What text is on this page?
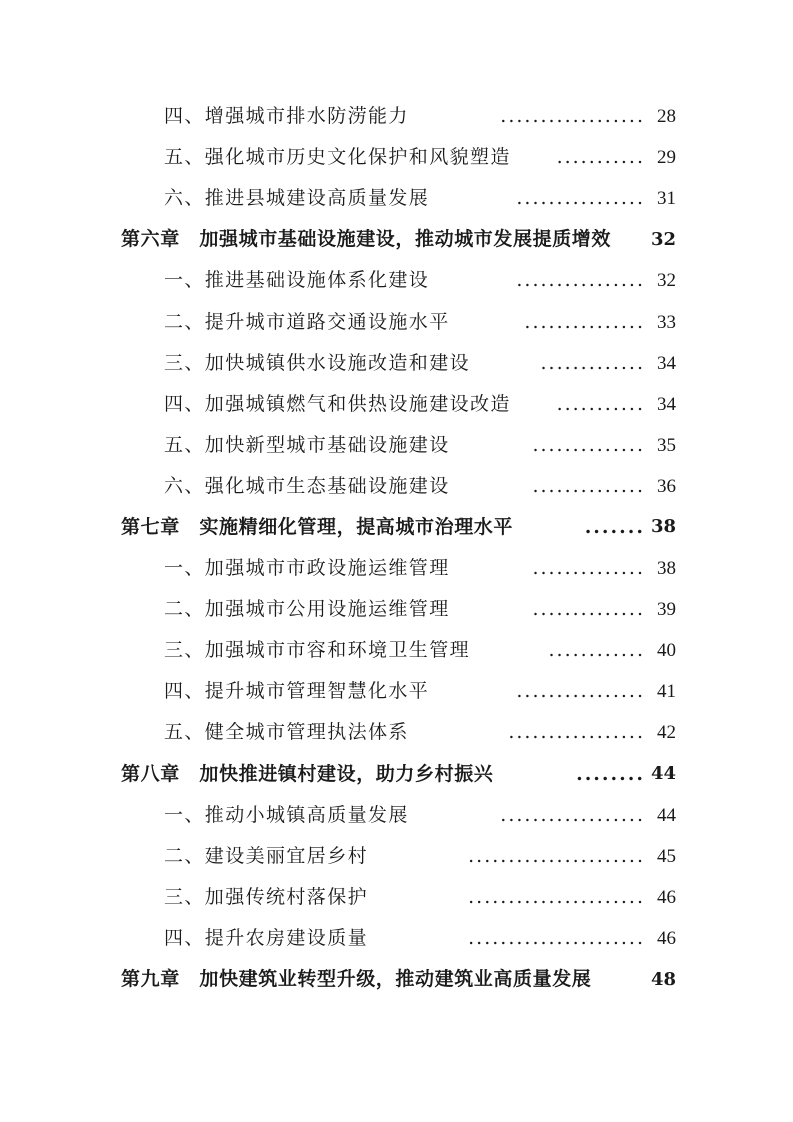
四、增强城市排水防涝能力	.................. 28
五、强化城市历史文化保护和风貌塑造 ........... 29
六、推进县城建设高质量发展	................ 31
第六章　加强城市基础设施建设，推动城市发展提质增效 32
一、推进基础设施体系化建设	................ 32
二、提升城市道路交通设施水平	............... 33
三、加快城镇供水设施改造和建设	............. 34
四、加强城镇燃气和供热设施建设改造 ........... 34
五、加快新型城市基础设施建设	.............. 35
六、强化城市生态基础设施建设	.............. 36
第七章　实施精细化管理，提高城市治理水平	....... 38
一、加强城市市政设施运维管理	.............. 38
二、加强城市公用设施运维管理	.............. 39
三、加强城市市容和环境卫生管理	............ 40
四、提升城市管理智慧化水平	................ 41
五、健全城市管理执法体系	................. 42
第八章　加快推进镇村建设，助力乡村振兴	........ 44
一、推动小城镇高质量发展	.................. 44
二、建设美丽宜居乡村	...................... 45
三、加强传统村落保护	...................... 46
四、提升农房建设质量	...................... 46
第九章　加快建筑业转型升级，推动建筑业高质量发展	48
